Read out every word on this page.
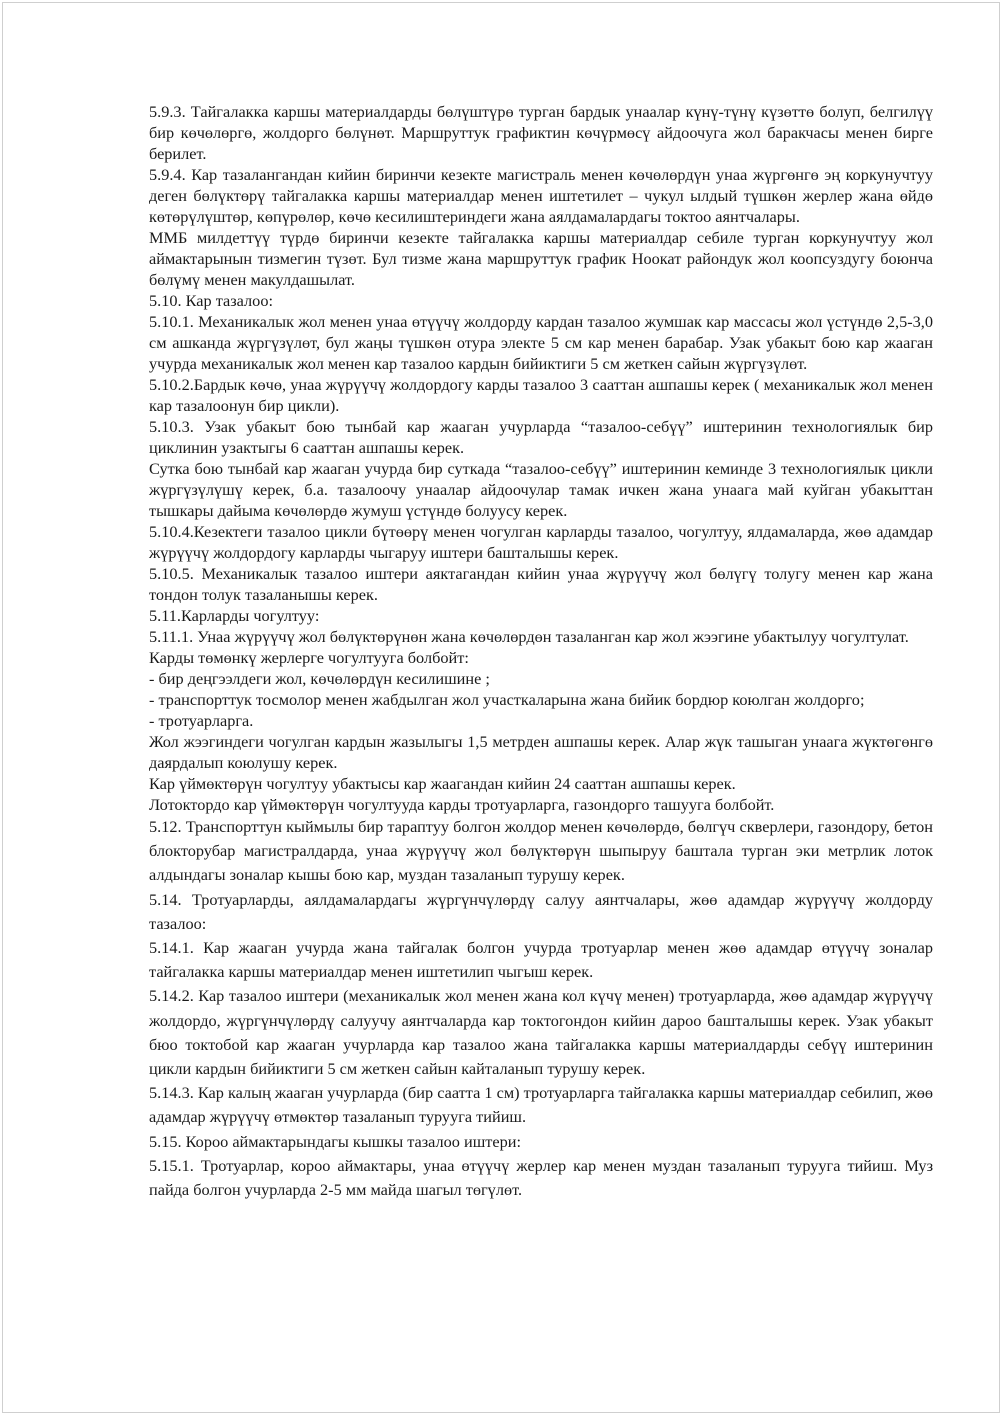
5.9.3. Тайгалакка каршы материалдарды бөлүштүрө турган бардык унаалар күнү-түнү күзөттө болуп, белгилүү бир көчөлөргө, жолдорго бөлүнөт. Маршруттук графиктин көчүрмөсү айдоочуга жол баракчасы менен бирге берилет.

5.9.4. Кар тазалангандан кийин биринчи кезекте магистраль менен көчөлөрдүн унаа жүргөнгө эң коркунучтуу деген бөлүктөрү тайгалакка каршы материалдар менен иштетилет – чукул ылдый түшкөн жерлер жана өйдө көтөрүлүштөр, көпүрөлөр, көчө кесилиштериндеги жана аялдамалардагы токтоо аянтчалары.

ММБ милдеттүү түрдө биринчи кезекте тайгалакка каршы материалдар себиле турган коркунучтуу жол аймактарынын тизмегин түзөт. Бул тизме жана маршруттук график Ноокат райондук жол коопсуздугу боюнча бөлүмү менен макулдашылат.

5.10. Кар тазалоо:

5.10.1. Механикалык жол менен унаа өтүүчү жолдорду кардан тазалоо жумшак кар массасы жол үстүндө 2,5-3,0 см ашканда жүргүзүлөт, бул жаңы түшкөн отура электе 5 см кар менен барабар. Узак убакыт бою кар жааган учурда механикалык жол менен кар тазалоо кардын бийиктиги 5 см жеткен сайын жүргүзүлөт.

5.10.2.Бардык көчө, унаа жүрүүчү жолдордогу карды тазалоо 3 сааттан ашпашы керек ( механикалык жол менен кар тазалоонун бир цикли).

5.10.3. Узак убакыт бою тынбай кар жааган учурларда “тазалоо-себүү” иштеринин технологиялык бир циклинин узактыгы 6 сааттан ашпашы керек.

Сутка бою тынбай кар жааган учурда бир суткада “тазалоо-себүү” иштеринин кеминде 3 технологиялык цикли жүргүзүлүшү керек, б.а. тазалоочу унаалар айдоочулар тамак ичкен жана унаага май куйган убакыттан тышкары дайыма көчөлөрдө жумуш үстүндө болуусу керек.

5.10.4.Кезектеги тазалоо цикли бүтөөрү менен чогулган карларды тазалоо, чогултуу, ялдамаларда, жөө адамдар жүрүүчү жолдордогу карларды чыгаруу иштери башталышы керек.

5.10.5. Механикалык тазалоо иштери аяктагандан кийин унаа жүрүүчү жол бөлүгү толугу менен кар жана тондон толук тазаланышы керек.

5.11.Карларды чогултуу:

5.11.1. Унаа жүрүүчү жол бөлүктөрүнөн жана көчөлөрдөн тазаланган кар жол жээгине убактылуу чогултулат.

Карды төмөнкү жерлерге чогултууга болбойт:

- бир деңгээлдеги жол, көчөлөрдүн кесилишине ;

- транспорттук тосмолор менен жабдылган жол участкаларына жана бийик бордюр коюлган жолдорго;

- тротуарларга.

Жол жээгиндеги чогулган кардын жазылыгы 1,5 метрден ашпашы керек. Алар жүк ташыган унаага жүктөгөнгө даярдалып коюлушу керек.

Кар үймөктөрүн чогултуу убактысы кар жаагандан кийин 24 сааттан ашпашы керек.

Лотоктордо кар үймөктөрүн чогултууда карды тротуарларга, газондорго ташууга болбойт.

5.12. Транспорттун кыймылы бир тараптуу болгон жолдор менен көчөлөрдө, бөлгүч скверлери, газондору, бетон блокторубар магистралдарда, унаа жүрүүчү жол бөлүктөрүн шыпыруу баштала турган эки метрлик лоток алдындагы зоналар кышы бою кар, муздан тазаланып турушу керек.

5.14. Тротуарларды, аялдамалардагы жүргүнчүлөрдү салуу аянтчалары, жөө адамдар жүрүүчү жолдорду тазалоо:

5.14.1. Кар жааган учурда жана тайгалак болгон учурда тротуарлар менен жөө адамдар өтүүчү зоналар тайгалакка каршы материалдар менен иштетилип чыгыш керек.

5.14.2. Кар тазалоо иштери (механикалык жол менен жана кол күчү менен) тротуарларда, жөө адамдар жүрүүчү жолдордо, жүргүнчүлөрдү салуучу аянтчаларда кар токтогондон кийин дароо башталышы керек. Узак убакыт бюо токтобой кар жааган учурларда кар тазалоо жана тайгалакка каршы материалдарды себүү иштеринин цикли кардын бийиктиги 5 см жеткен сайын кайталанып турушу керек.

5.14.3. Кар калың жааган учурларда (бир саатта 1 см) тротуарларга тайгалакка каршы материалдар себилип, жөө адамдар жүрүүчү өтмөктөр тазаланып турууга тийиш.

5.15. Короо аймактарындагы кышкы тазалоо иштери:

5.15.1. Тротуарлар, короо аймактары, унаа өтүүчү жерлер кар менен муздан тазаланып турууга тийиш. Муз пайда болгон учурларда 2-5 мм майда шагыл төгүлөт.
